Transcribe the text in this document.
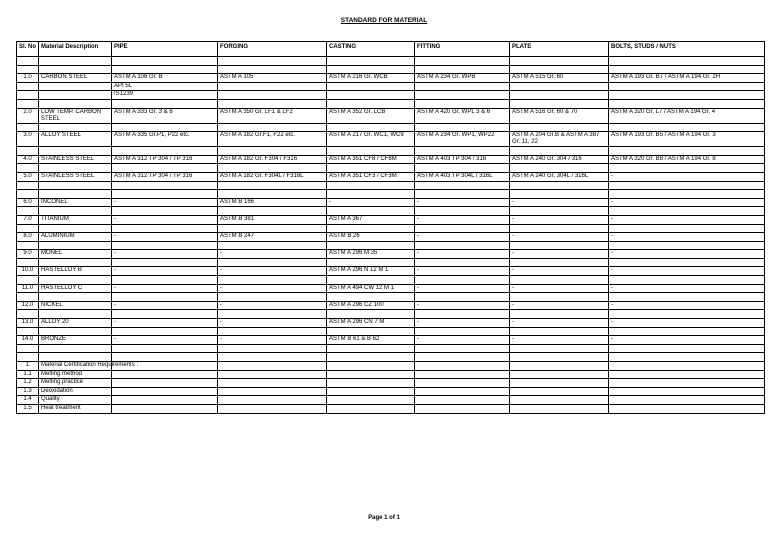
STANDARD FOR MATERIAL
Sl. No	Material Description	PIPE	FORGING	CASTING	FITTING	PLATE	BOLTS, STUDS / NUTS

1.0	CARBON STEEL	ASTM A 106 Gr. B	ASTM A 105	ASTM A 216 Gr. WCB	ASTM A 234 Gr. WPB	ASTM A 515 Gr. 60	ASTM A 193 Gr. B7 / ASTM A 194 Gr. 2H
		API 5L					
		IS1239					

2.0	LOW TEMP. CARBON STEEL	ASTM A 333 Gr. 3 & 6	ASTM A 350 Gr. LF1 & LF2	ASTM A 352 Gr. LCB	ASTM A 420 Gr. WPL 3 & 6	ASTM A 516 Gr. 60 & 70	ASTM A 320 Gr. L7 / ASTM A 194 Gr. 4

3.0	ALLOY STEEL	ASTM A 335 Gr.P1, P22 etc.	ASTM A 182 Gr.F1, F22 etc.	ASTM A 217 Gr. WC1, WC9	ASTM A 234 Gr. WP1, WP22	ASTM A 204 Gr.B & ASTM A 387 Gr. 11, 22	ASTM A 193 Gr. B5 / ASTM A 194 Gr. 3

4.0	STAINLESS STEEL	ASTM A 312 TP 304 / TP 316	ASTM A 182 Gr. F304 / F316	ASTM A 351 CF8 / CF8M	ASTM A 403 TP 304 / 316	ASTM A 240 Gr. 304 / 316	ASTM A 320 Gr. B8 / ASTM A 194 Gr. 8

5.0	STAINLESS STEEL	ASTM A 312 TP 304 / TP 316	ASTM A 182 Gr. F304L / F316L	ASTM A 351 CF3 / CF3M	ASTM A 403 TP 304L / 316L	ASTM A 240 Gr. 304L / 316L	-

6.0	INCONEL	-	ASTM B 166	-	-	-	-

7.0	TITANIUM	-	ASTM B 381	ASTM A 367	-	-	-

8.0	ALUMINIUM	-	ASTM B 247	ASTM B 26	-	-	-

9.0	MONEL	-	-	ASTM A 296 M 35	-	-	-

10.0	HASTELLOY B	-	-	ASTM A 296 N 12 M 1	-	-	-

11.0	HASTELLOY C	-	-	ASTM A 494 CW 12 M 1	-	-	-

12.0	NICKEL	-	-	ASTM A 296 CZ 100	-	-	-

13.0	ALLOY 20	-	-	ASTM A 296 CN 7 M	-	-	-

14.0	BRONZE	-	-	ASTM B 61 & B 62	-	-	-

1	Material Certification Requirements :						
1.1	Melting method						
1.2	Melting practice						
1.3	Deoxidation						
1.4	Quality						
1.5	Heat treatment						
Page 1 of 1
